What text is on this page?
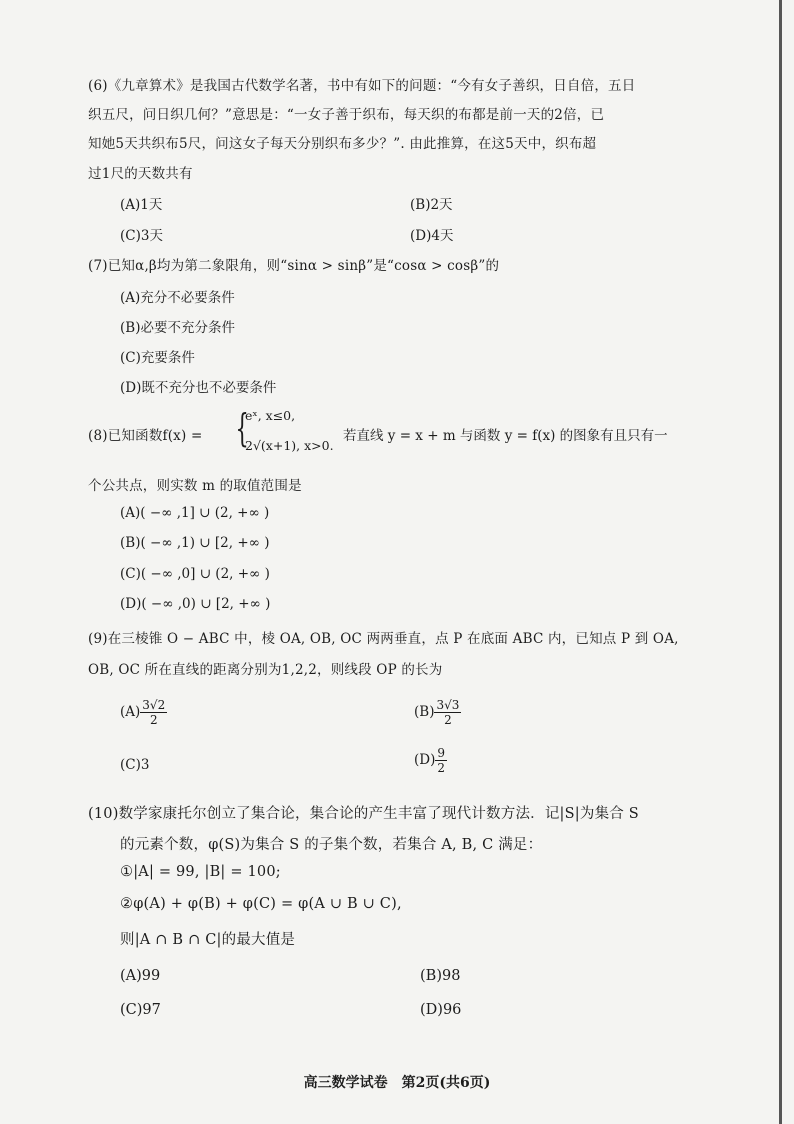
(6)《九章算术》是我国古代数学名著，书中有如下的问题：“今有女子善织，日自倍，五日
织五尺，问日织几何？”意思是：“一女子善于织布，每天织的布都是前一天的2倍，已
知她5天共织布5尺，问这女子每天分别织布多少？”. 由此推算，在这5天中，织布超
过1尺的天数共有
(A)1天	(B)2天
(C)3天	(D)4天
(7)已知α,β均为第二象限角，则“sinα > sinβ”是“cosα > cosβ”的
(A)充分不必要条件
(B)必要不充分条件
(C)充要条件
(D)既不充分也不必要条件
(8)已知函数f(x) = {
eˣ, x≤0,
2√(x+1), x>0.
若直线 y = x + m 与函数 y = f(x) 的图象有且只有一
个公共点，则实数 m 的取值范围是
(A)( −∞ ,1] ∪ (2, +∞ )
(B)( −∞ ,1) ∪ [2, +∞ )
(C)( −∞ ,0] ∪ (2, +∞ )
(D)( −∞ ,0) ∪ [2, +∞ )
(9)在三棱锥 O − ABC 中，棱 OA, OB, OC 两两垂直，点 P 在底面 ABC 内，已知点 P 到 OA,
OB, OC 所在直线的距离分别为1,2,2，则线段 OP 的长为
$(A) \frac{3√2}{2}$	$(B) \frac{3√3}{2}$
(C)3	$(D) \frac{9}{2}$
(10)数学家康托尔创立了集合论，集合论的产生丰富了现代计数方法．记|S|为集合 S
的元素个数，φ(S)为集合 S 的子集个数，若集合 A, B, C 满足：
①|A| = 99, |B| = 100;
②φ(A) + φ(B) + φ(C) = φ(A ∪ B ∪ C),
则|A ∩ B ∩ C|的最大值是
(A)99	(B)98
(C)97	(D)96
高三数学试卷　第2页(共6页)
